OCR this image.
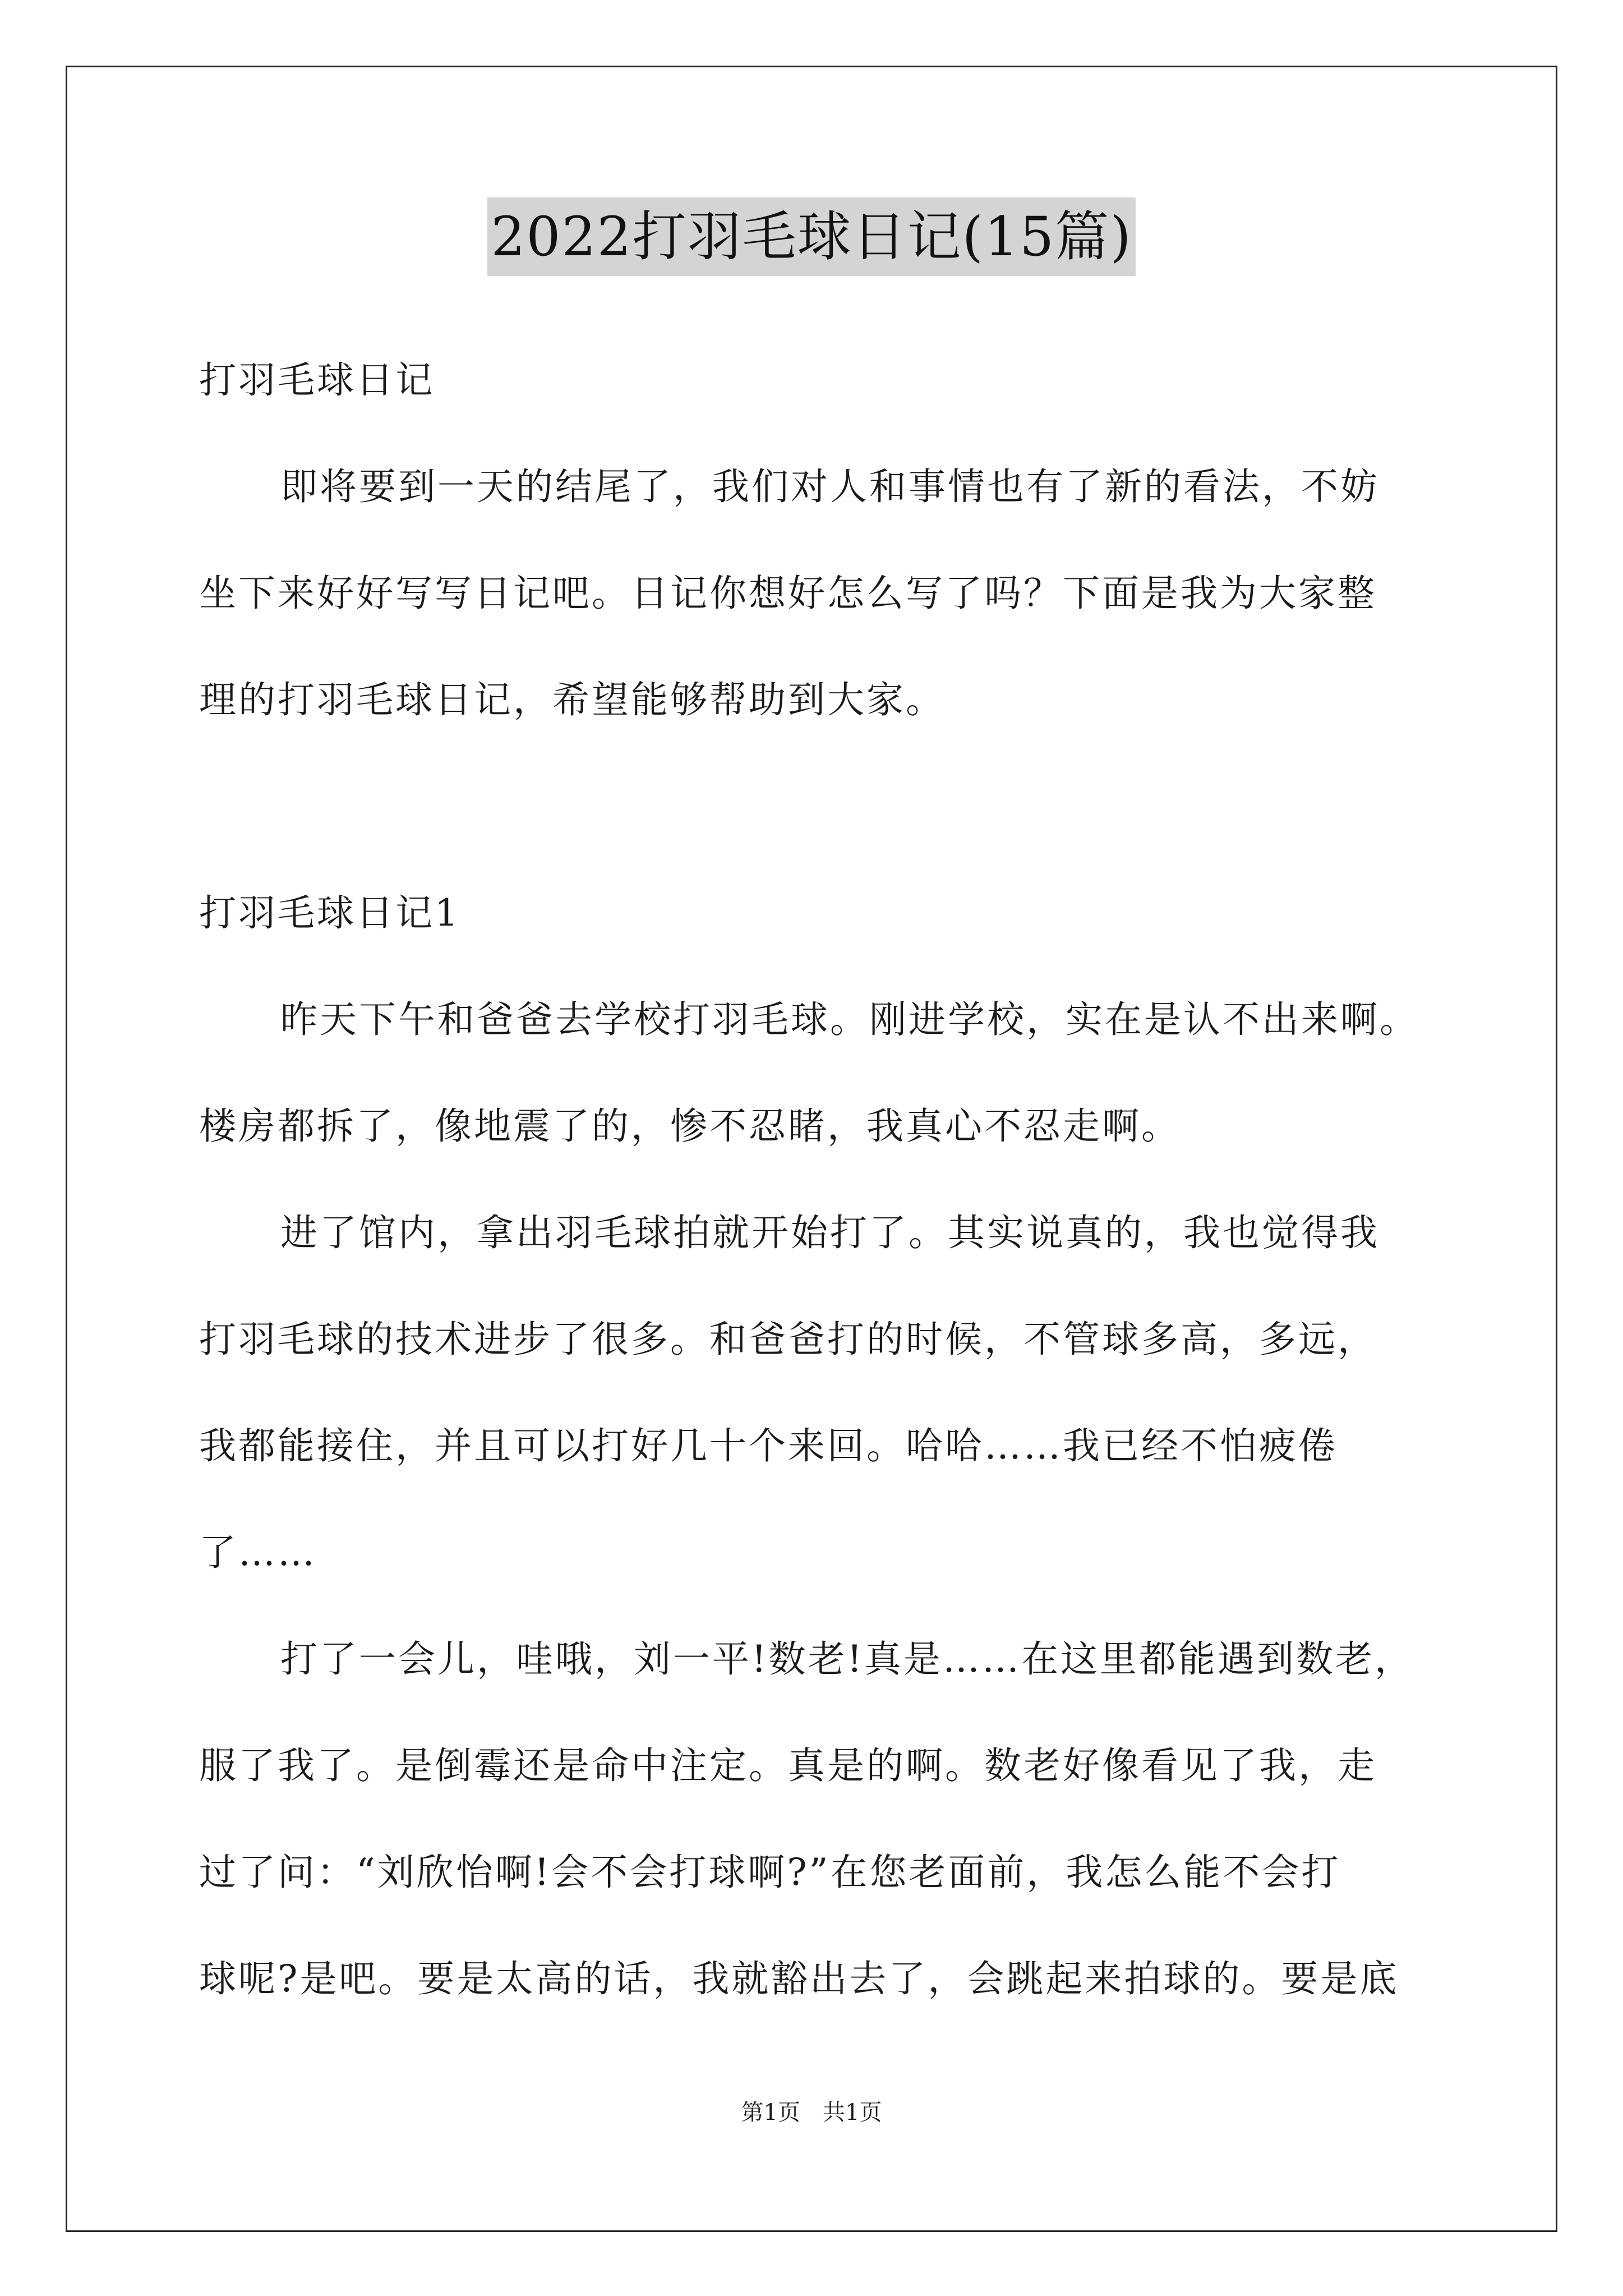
2022打羽毛球日记(15篇)
打羽毛球日记
即将要到一天的结尾了，我们对人和事情也有了新的看法，不妨
坐下来好好写写日记吧。日记你想好怎么写了吗？下面是我为大家整
理的打羽毛球日记，希望能够帮助到大家。
打羽毛球日记1
昨天下午和爸爸去学校打羽毛球。刚进学校，实在是认不出来啊。
楼房都拆了，像地震了的，惨不忍睹，我真心不忍走啊。
进了馆内，拿出羽毛球拍就开始打了。其实说真的，我也觉得我
打羽毛球的技术进步了很多。和爸爸打的时候，不管球多高，多远，
我都能接住，并且可以打好几十个来回。哈哈……我已经不怕疲倦
了……
打了一会儿，哇哦，刘一平!数老!真是……在这里都能遇到数老，
服了我了。是倒霉还是命中注定。真是的啊。数老好像看见了我，走
过了问：“刘欣怡啊!会不会打球啊?”在您老面前，我怎么能不会打
球呢?是吧。要是太高的话，我就豁出去了，会跳起来拍球的。要是底
第1页　共1页
